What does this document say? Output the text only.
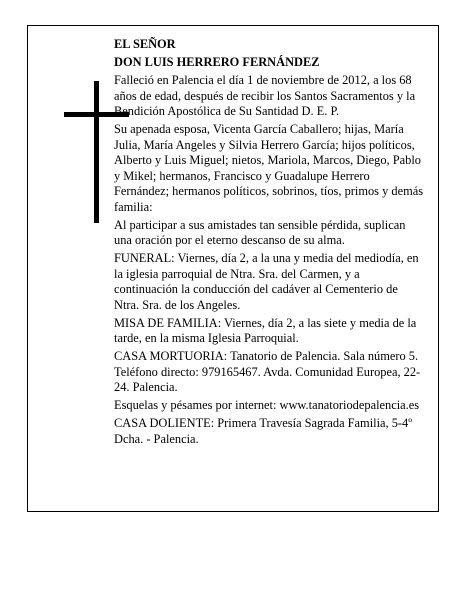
EL SEÑOR

DON LUIS HERRERO FERNÁNDEZ

Falleció en Palencia el día 1 de noviembre de 2012, a los 68 años de edad, después de recibir los Santos Sacramentos y la Bendición Apostólica de Su Santidad D. E. P.

Su apenada esposa, Vicenta García Caballero; hijas, María Julia, María Angeles y Silvia Herrero García; hijos políticos, Alberto y Luis Miguel; nietos, Mariola, Marcos, Diego, Pablo y Mikel; hermanos, Francisco y Guadalupe Herrero Fernández; hermanos políticos, sobrinos, tíos, primos y demás familia:

Al participar a sus amistades tan sensible pérdida, suplican una oración por el eterno descanso de su alma.

FUNERAL: Viernes, día 2, a la una y media del mediodía, en la iglesia parroquial de Ntra. Sra. del Carmen, y a continuación la conducción del cadáver al Cementerio de Ntra. Sra. de los Angeles.

MISA DE FAMILIA: Viernes, día 2, a las siete y media de la tarde, en la misma Iglesia Parroquial.

CASA MORTUORIA: Tanatorio de Palencia. Sala número 5. Teléfono directo: 979165467. Avda. Comunidad Europea, 22-24. Palencia.

Esquelas y pésames por internet: www.tanatoriodepalencia.es

CASA DOLIENTE: Primera Travesía Sagrada Familia, 5-4º Dcha. - Palencia.
